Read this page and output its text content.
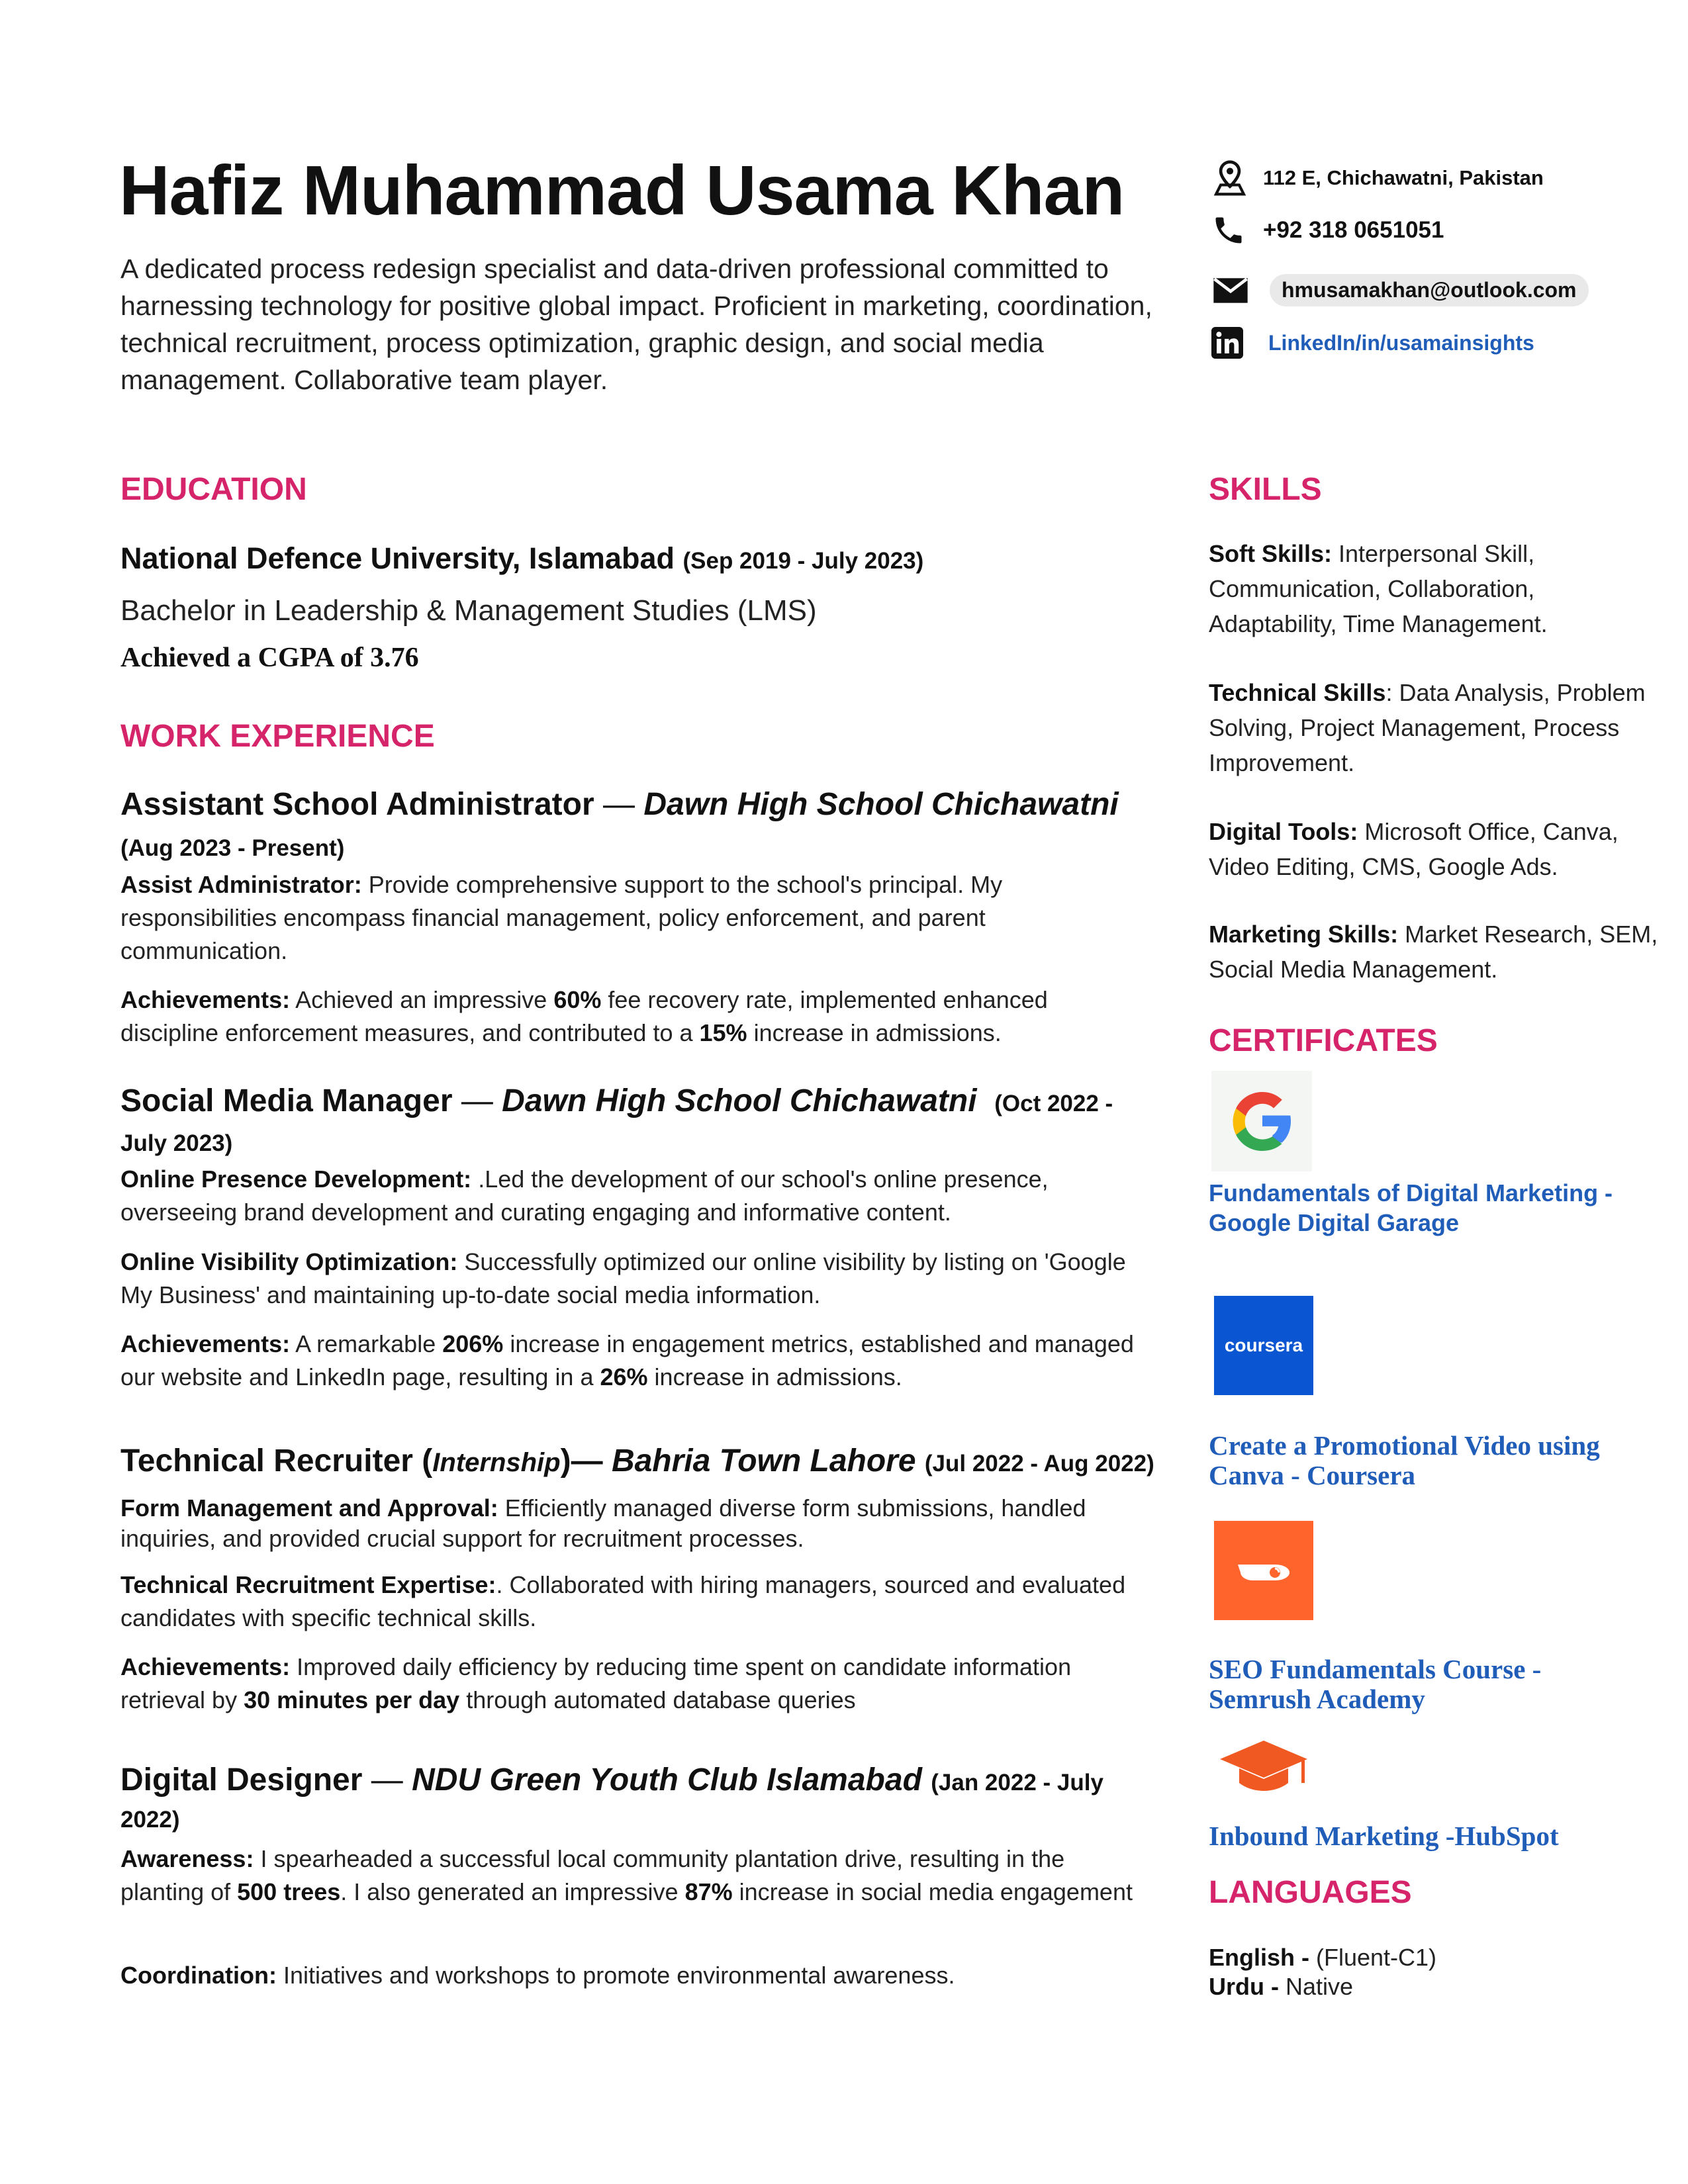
Hafiz Muhammad Usama Khan
A dedicated process redesign specialist and data-driven professional committed to harnessing technology for positive global impact. Proficient in marketing, coordination, technical recruitment, process optimization, graphic design, and social media management. Collaborative team player.
112 E, Chichawatni, Pakistan
+92 318 0651051
hmusamakhan@outlook.com
LinkedIn/in/usamainsights
EDUCATION
National Defence University, Islamabad (Sep 2019 - July 2023)
Bachelor in Leadership & Management Studies (LMS)
Achieved a CGPA of 3.76
WORK EXPERIENCE
Assistant School Administrator — Dawn High School Chichawatni
(Aug 2023 - Present)
Assist Administrator: Provide comprehensive support to the school's principal. My responsibilities encompass financial management, policy enforcement, and parent communication.
Achievements: Achieved an impressive 60% fee recovery rate, implemented enhanced discipline enforcement measures, and contributed to a 15% increase in admissions.
Social Media Manager — Dawn High School Chichawatni (Oct 2022 - July 2023)
Online Presence Development: .Led the development of our school's online presence, overseeing brand development and curating engaging and informative content.
Online Visibility Optimization: Successfully optimized our online visibility by listing on 'Google My Business' and maintaining up-to-date social media information.
Achievements: A remarkable 206% increase in engagement metrics, established and managed our website and LinkedIn page, resulting in a 26% increase in admissions.
Technical Recruiter (Internship)— Bahria Town Lahore (Jul 2022 - Aug 2022)
Form Management and Approval: Efficiently managed diverse form submissions, handled inquiries, and provided crucial support for recruitment processes.
Technical Recruitment Expertise:. Collaborated with hiring managers, sourced and evaluated candidates with specific technical skills.
Achievements: Improved daily efficiency by reducing time spent on candidate information retrieval by 30 minutes per day through automated database queries
Digital Designer — NDU Green Youth Club Islamabad (Jan 2022 - July 2022)
Awareness: I spearheaded a successful local community plantation drive, resulting in the planting of 500 trees. I also generated an impressive 87% increase in social media engagement
Coordination: Initiatives and workshops to promote environmental awareness.
SKILLS
Soft Skills: Interpersonal Skill, Communication, Collaboration, Adaptability, Time Management.
Technical Skills: Data Analysis, Problem Solving, Project Management, Process Improvement.
Digital Tools: Microsoft Office, Canva, Video Editing, CMS, Google Ads.
Marketing Skills: Market Research, SEM, Social Media Management.
CERTIFICATES
Fundamentals of Digital Marketing - Google Digital Garage
coursera
Create a Promotional Video using Canva - Coursera
SEO Fundamentals Course - Semrush Academy
Inbound Marketing -HubSpot
LANGUAGES
English - (Fluent-C1)
Urdu - Native
